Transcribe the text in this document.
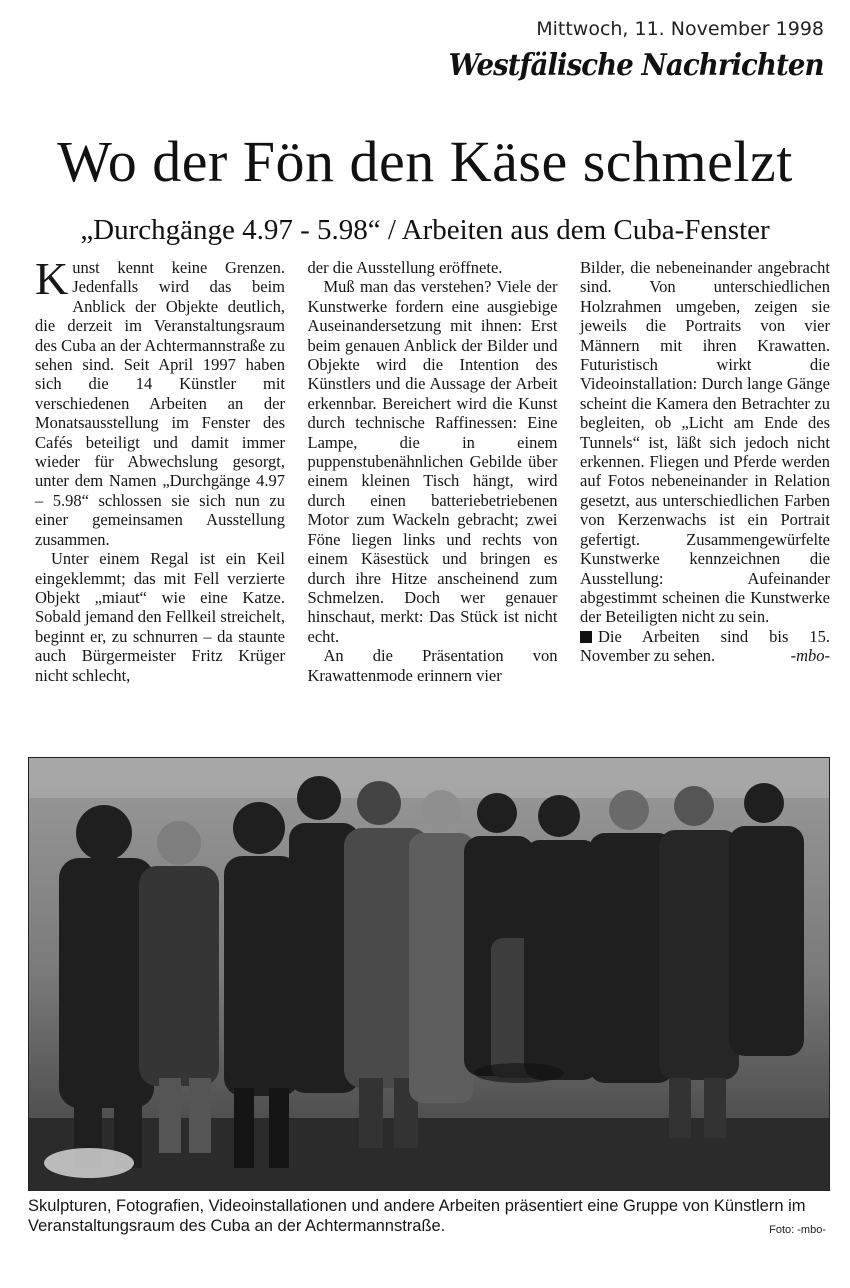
Mittwoch, 11. November 1998
Westfälische Nachrichten
Wo der Fön den Käse schmelzt
„Durchgänge 4.97 - 5.98“ / Arbeiten aus dem Cuba-Fenster

Kunst kennt keine Grenzen. Jedenfalls wird das beim Anblick der Objekte deutlich, die derzeit im Veranstaltungsraum des Cuba an der Achtermannstraße zu sehen sind. Seit April 1997 haben sich die 14 Künstler mit verschiedenen Arbeiten an der Monatsausstellung im Fenster des Cafés beteiligt und damit immer wieder für Abwechslung gesorgt, unter dem Namen „Durchgänge 4.97 – 5.98“ schlossen sie sich nun zu einer gemeinsamen Ausstellung zusammen.

Unter einem Regal ist ein Keil eingeklemmt; das mit Fell verzierte Objekt „miaut“ wie eine Katze. Sobald jemand den Fellkeil streichelt, beginnt er, zu schnurren – da staunte auch Bürgermeister Fritz Krüger nicht schlecht,

der die Ausstellung eröffnete.

Muß man das verstehen? Viele der Kunstwerke fordern eine ausgiebige Auseinandersetzung mit ihnen: Erst beim genauen Anblick der Bilder und Objekte wird die Intention des Künstlers und die Aussage der Arbeit erkennbar. Bereichert wird die Kunst durch technische Raffinessen: Eine Lampe, die in einem puppenstubenähnlichen Gebilde über einem kleinen Tisch hängt, wird durch einen batteriebetriebenen Motor zum Wackeln gebracht; zwei Föne liegen links und rechts von einem Käsestück und bringen es durch ihre Hitze anscheinend zum Schmelzen. Doch wer genauer hinschaut, merkt: Das Stück ist nicht echt.

An die Präsentation von Krawattenmode erinnern vier

Bilder, die nebeneinander angebracht sind. Von unterschiedlichen Holzrahmen umgeben, zeigen sie jeweils die Portraits von vier Männern mit ihren Krawatten. Futuristisch wirkt die Videoinstallation: Durch lange Gänge scheint die Kamera den Betrachter zu begleiten, ob „Licht am Ende des Tunnels“ ist, läßt sich jedoch nicht erkennen. Fliegen und Pferde werden auf Fotos nebeneinander in Relation gesetzt, aus unterschiedlichen Farben von Kerzenwachs ist ein Portrait gefertigt. Zusammengewürfelte Kunstwerke kennzeichnen die Ausstellung: Aufeinander abgestimmt scheinen die Kunstwerke der Beteiligten nicht zu sein.

Die Arbeiten sind bis 15. November zu sehen.	-mbo-

Skulpturen, Fotografien, Videoinstallationen und andere Arbeiten präsentiert eine Gruppe von Künstlern im Veranstaltungsraum des Cuba an der Achtermannstraße.	Foto: -mbo-
